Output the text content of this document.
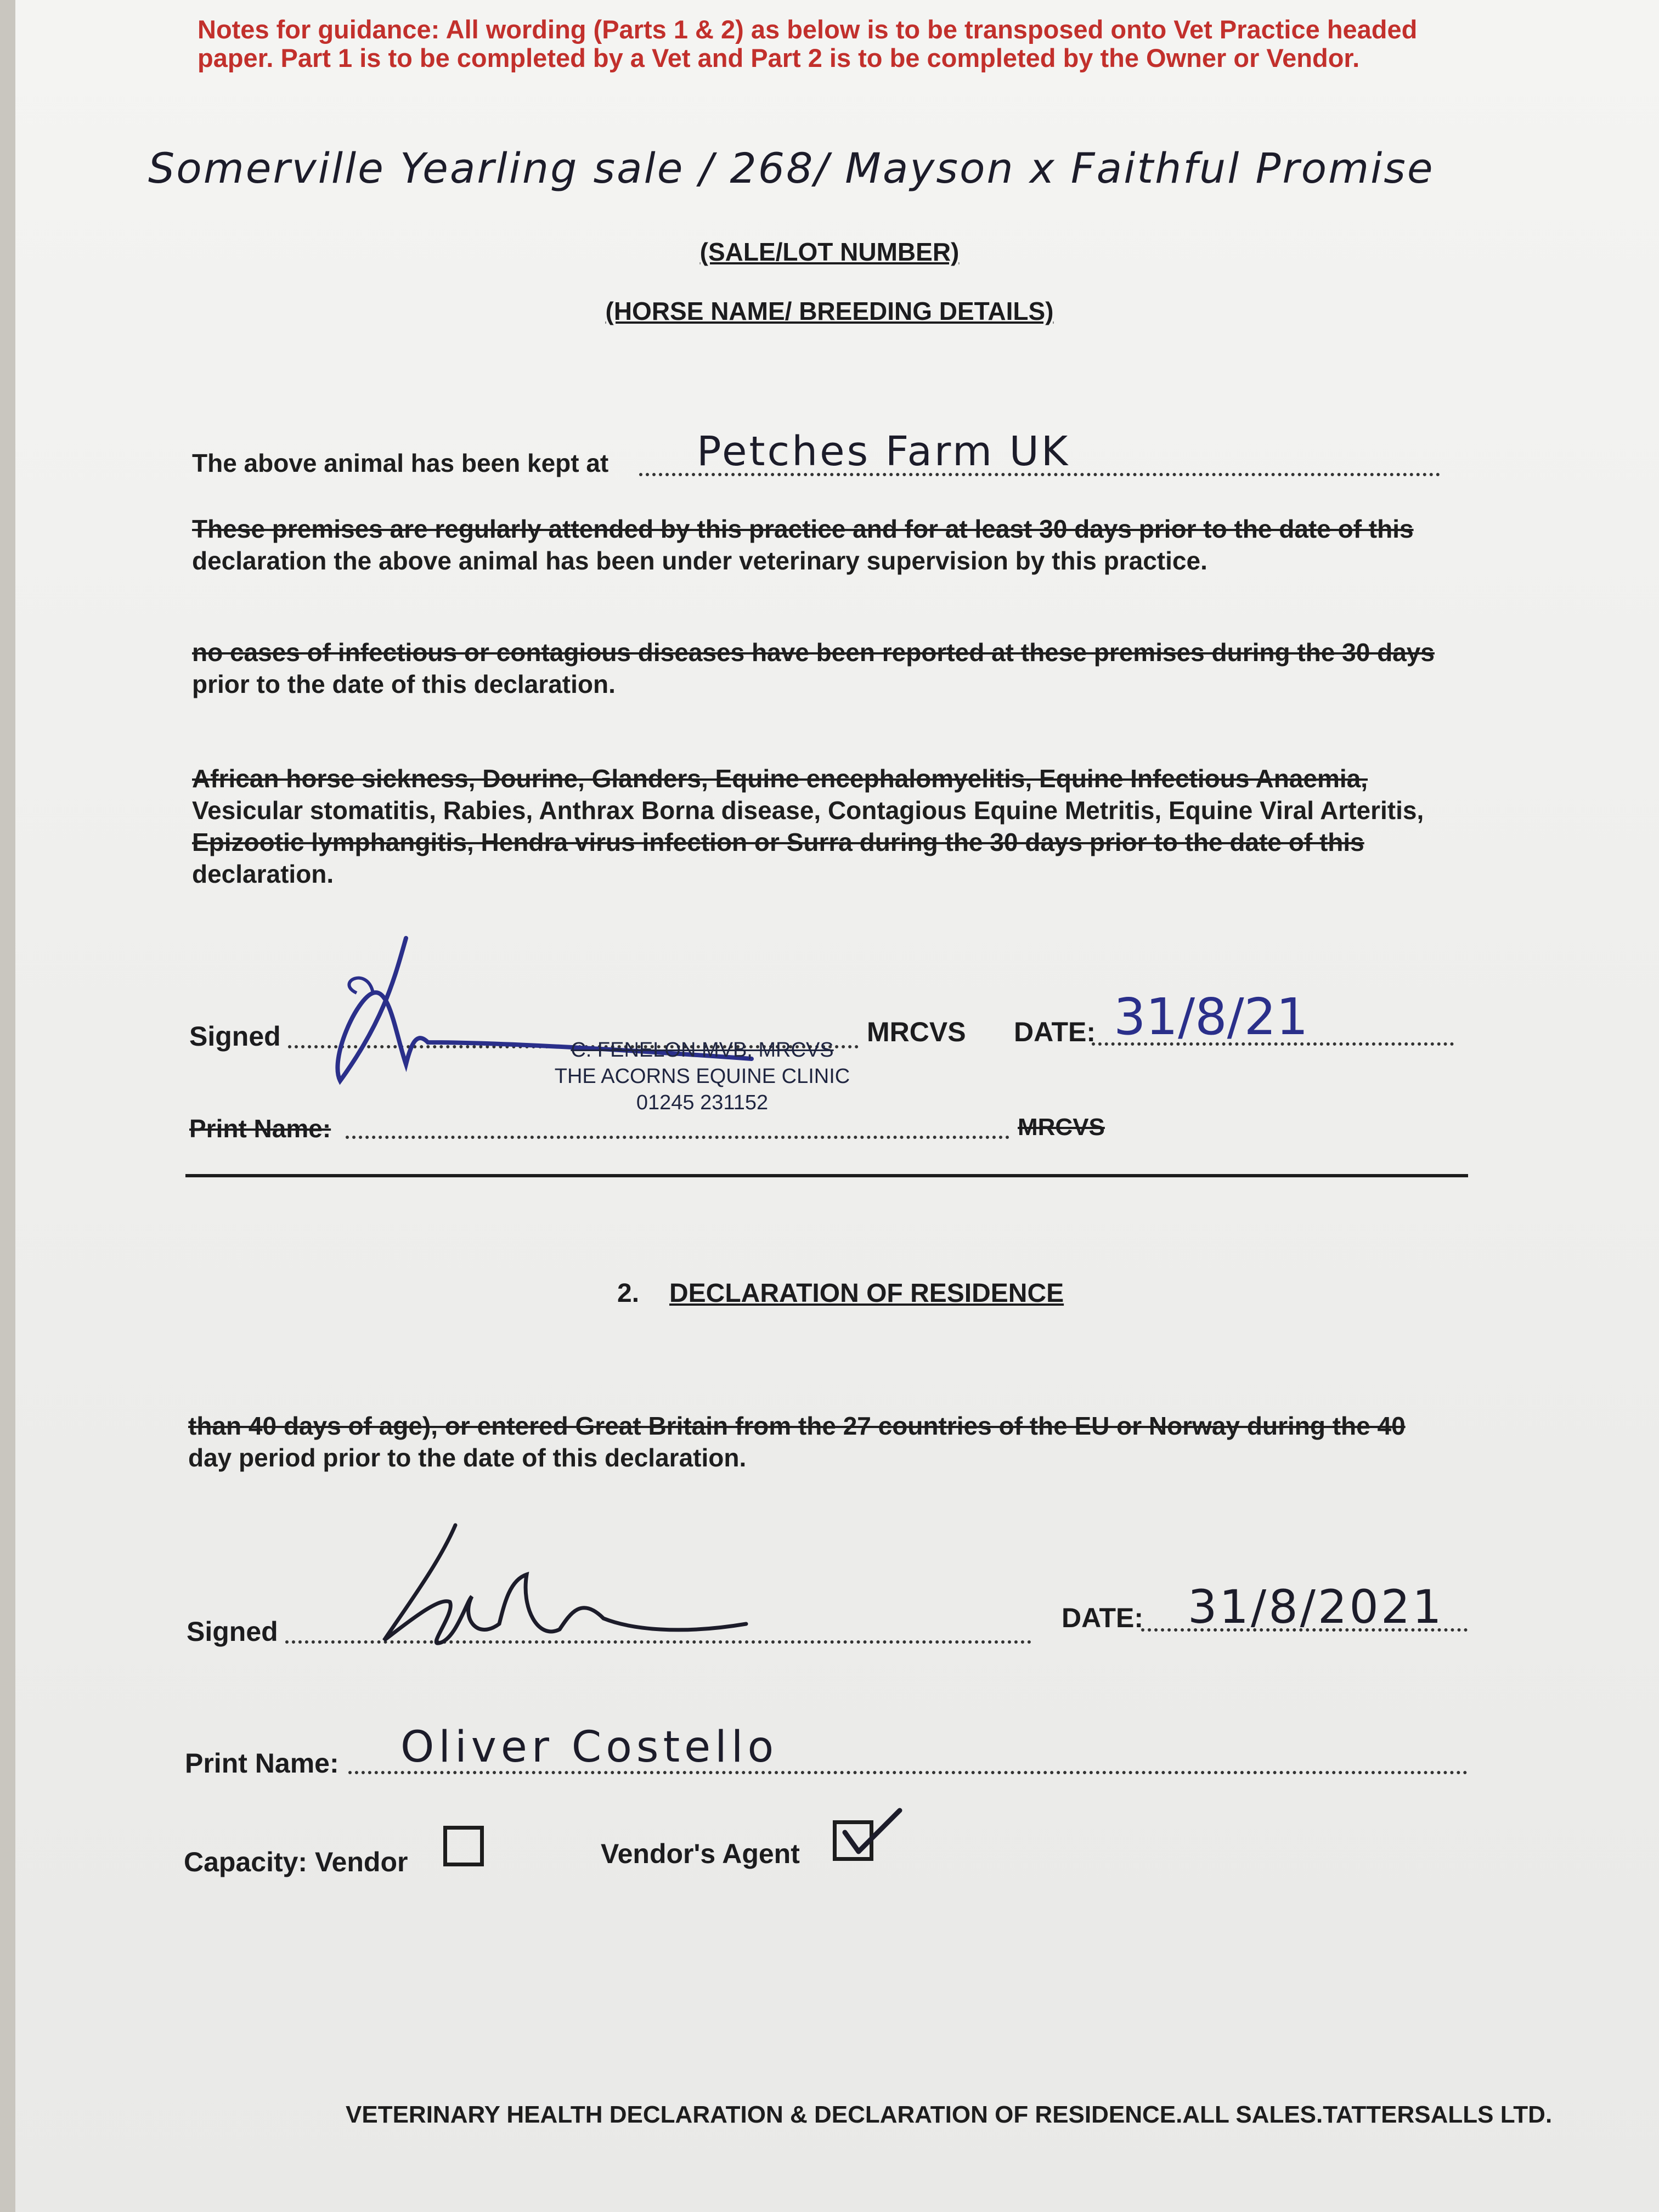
Notes for guidance: All wording (Parts 1 & 2) as below is to be transposed onto Vet Practice headed paper. Part 1 is to be completed by a Vet and Part 2 is to be completed by the Owner or Vendor.
Somerville Yearling sale / 268/ Mayson x Faithful Promise
(SALE/LOT NUMBER)
(HORSE NAME/ BREEDING DETAILS)
The above animal has been kept at Petches Farm UK
These premises are regularly attended by this practice and for at least 30 days prior to the date of this
declaration the above animal has been under veterinary supervision by this practice.
no cases of infectious or contagious diseases have been reported at these premises during the 30 days
prior to the date of this declaration.
African horse sickness, Dourine, Glanders, Equine encephalomyelitis, Equine Infectious Anaemia,
Vesicular stomatitis, Rabies, Anthrax Borna disease, Contagious Equine Metritis, Equine Viral Arteritis,
Epizootic lymphangitis, Hendra virus infection or Surra during the 30 days prior to the date of this
declaration.
Signed	MRCVS DATE: 31/8/21
C. FENELON MVB, MRCVS
THE ACORNS EQUINE CLINIC
01245 231152
Print Name:	MRCVS
2. DECLARATION OF RESIDENCE
than 40 days of age), or entered Great Britain from the 27 countries of the EU or Norway during the 40
day period prior to the date of this declaration.
Signed	DATE: 31/8/2021
Print Name: Oliver Costello
Capacity: Vendor	Vendor's Agent
VETERINARY HEALTH DECLARATION & DECLARATION OF RESIDENCE.ALL SALES.TATTERSALLS LTD.
